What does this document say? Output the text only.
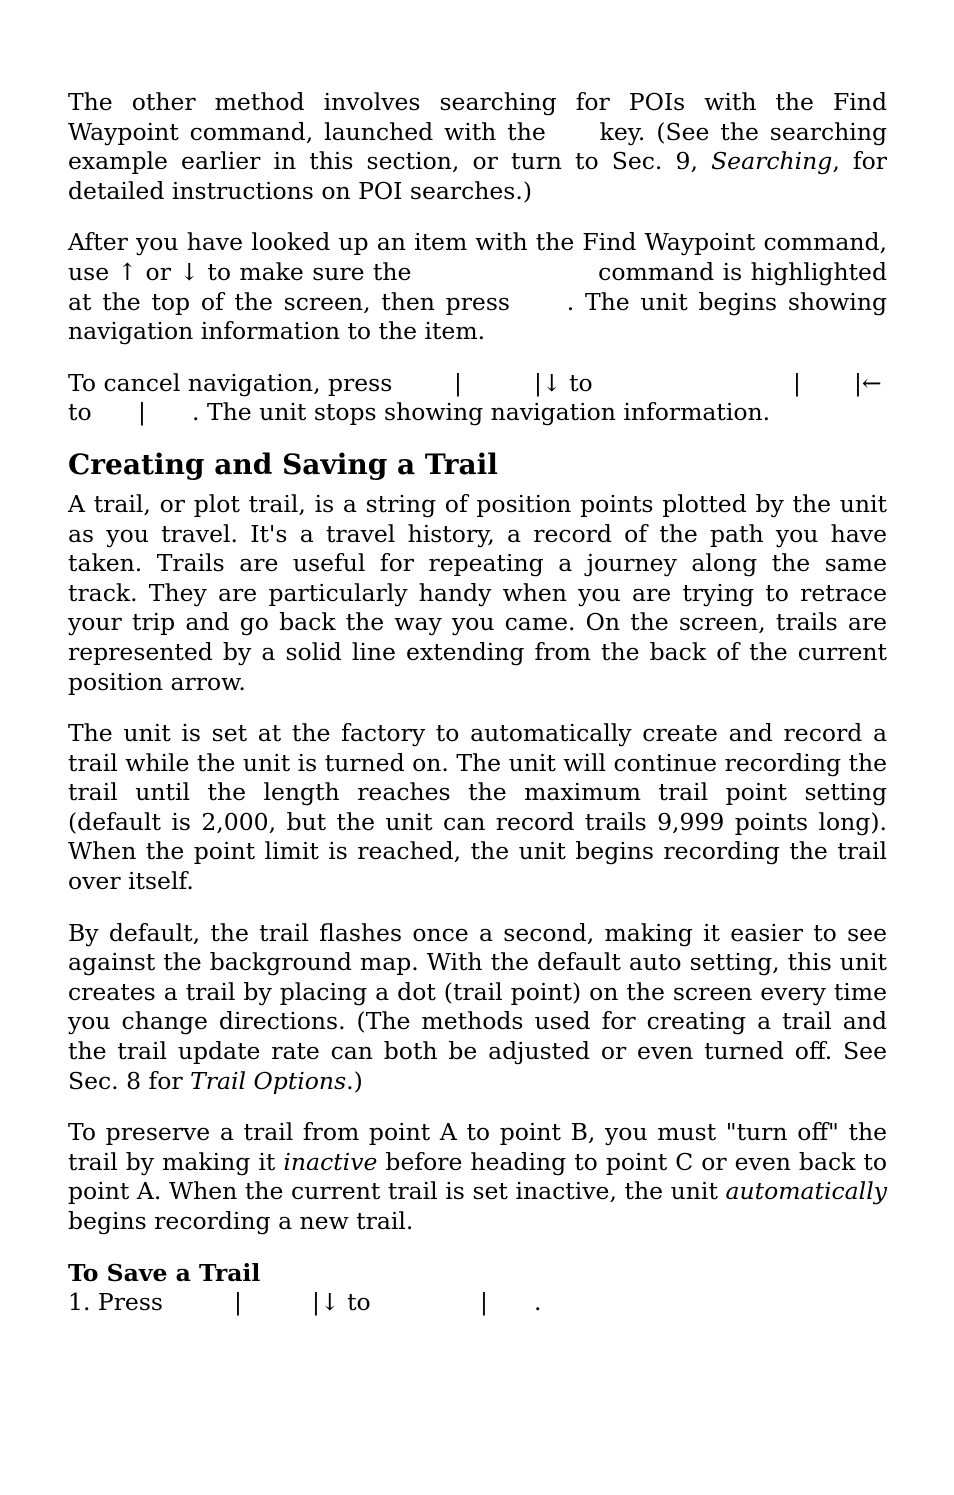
The other method involves searching for POIs with the Find Waypoint command, launched with the  key. (See the searching example earlier in this section, or turn to Sec. 9, Searching, for detailed instructions on POI searches.)

After you have looked up an item with the Find Waypoint command, use ↑ or ↓ to make sure the	command is highlighted at the top of the screen, then press . The unit begins showing navigation information to the item.

To cancel navigation, press

	|

	|↓ to

	|

|←

to

|

. The unit stops showing navigation information.

Creating and Saving a Trail

A trail, or plot trail, is a string of position points plotted by the unit as you travel. It's a travel history, a record of the path you have taken. Trails are useful for repeating a journey along the same track. They are particularly handy when you are trying to retrace your trip and go back the way you came. On the screen, trails are represented by a solid line extending from the back of the current position arrow.

The unit is set at the factory to automatically create and record a trail while the unit is turned on. The unit will continue recording the trail until the length reaches the maximum trail point setting (default is 2,000, but the unit can record trails 9,999 points long). When the point limit is reached, the unit begins recording the trail over itself.

By default, the trail flashes once a second, making it easier to see against the background map. With the default auto setting, this unit creates a trail by placing a dot (trail point) on the screen every time you change directions. (The methods used for creating a trail and the trail update rate can both be adjusted or even turned off. See Sec. 8 for Trail Options.)

To preserve a trail from point A to point B, you must "turn off" the trail by making it inactive before heading to point C or even back to point A. When the current trail is set inactive, the unit automatically begins recording a new trail.

To Save a Trail

1. Press

	|

	|↓ to

	|

.
